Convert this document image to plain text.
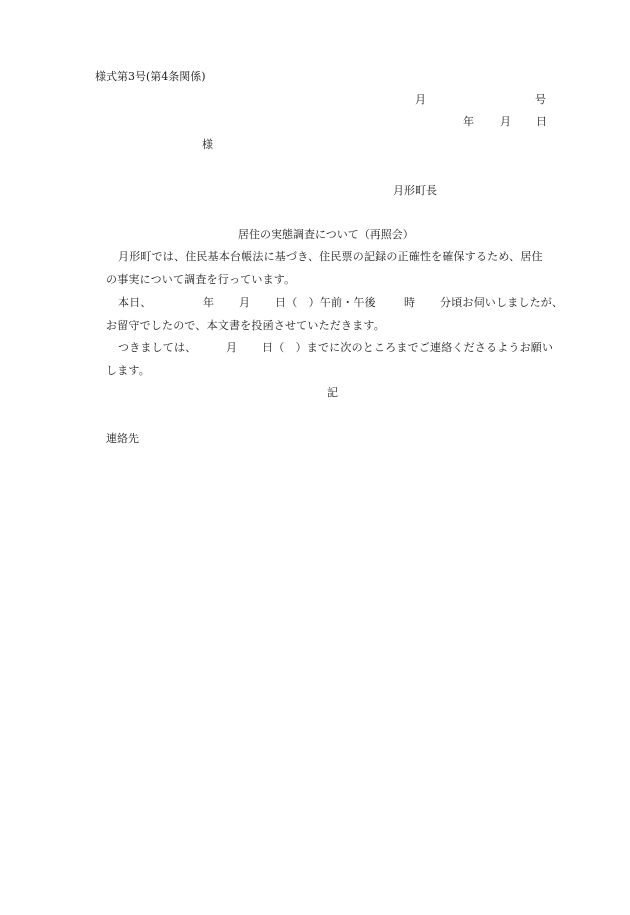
様式第3号(第4条関係)
月	号
年 月 日
様
月形町長
居住の実態調査について（再照会）
月形町では、住民基本台帳法に基づき、住民票の記録の正確性を確保するため、居住
の事実について調査を行っています。
本日、	年 月 日（　）午前・午後	時 分頃お伺いしましたが、
お留守でしたので、本文書を投函させていただきます。
つきましては、	月 日（　）までに次のところまでご連絡くださるようお願い
します。
記
連絡先
